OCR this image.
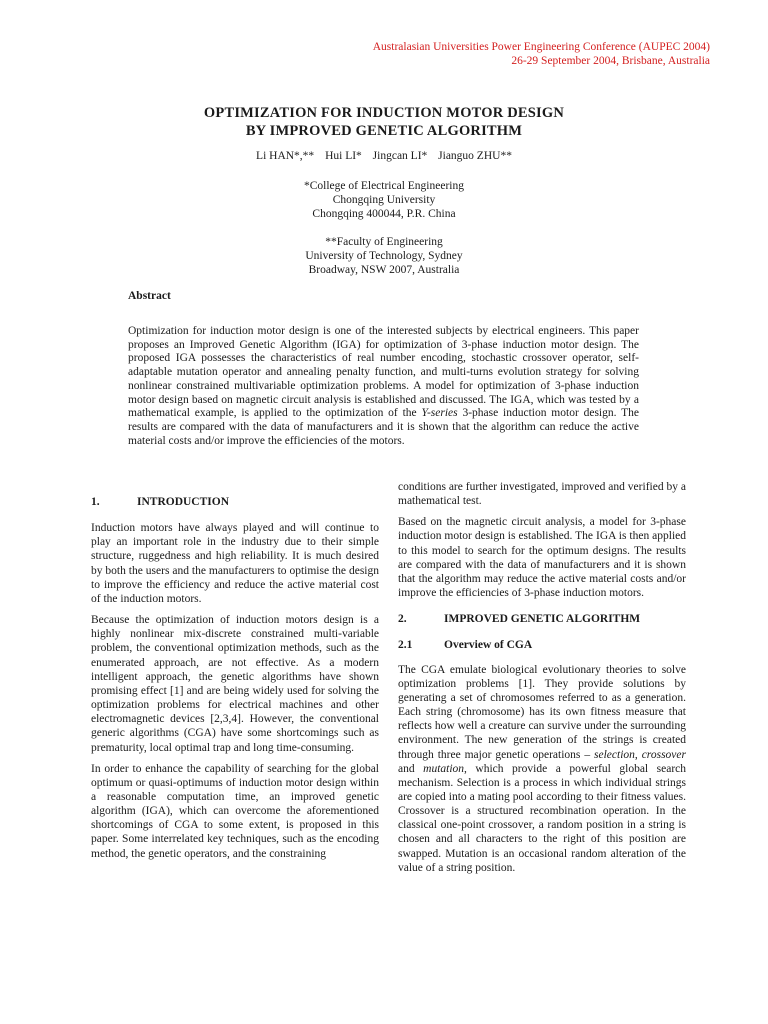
Australasian Universities Power Engineering Conference (AUPEC 2004)
26-29 September 2004, Brisbane, Australia
OPTIMIZATION FOR INDUCTION MOTOR DESIGN
BY IMPROVED GENETIC ALGORITHM
Li HAN*,** Hui LI* Jingcan LI* Jianguo ZHU**
*College of Electrical Engineering
Chongqing University
Chongqing 400044, P.R. China
**Faculty of Engineering
University of Technology, Sydney
Broadway, NSW 2007, Australia
Abstract
Optimization for induction motor design is one of the interested subjects by electrical engineers. This paper proposes an Improved Genetic Algorithm (IGA) for optimization of 3-phase induction motor design. The proposed IGA possesses the characteristics of real number encoding, stochastic crossover operator, self-adaptable mutation operator and annealing penalty function, and multi-turns evolution strategy for solving nonlinear constrained multivariable optimization problems. A model for optimization of 3-phase induction motor design based on magnetic circuit analysis is established and discussed. The IGA, which was tested by a mathematical example, is applied to the optimization of the Y-series 3-phase induction motor design. The results are compared with the data of manufacturers and it is shown that the algorithm can reduce the active material costs and/or improve the efficiencies of the motors.
1.	INTRODUCTION

Induction motors have always played and will continue to play an important role in the industry due to their simple structure, ruggedness and high reliability. It is much desired by both the users and the manufacturers to optimise the design to improve the efficiency and reduce the active material cost of the induction motors.

Because the optimization of induction motors design is a highly nonlinear mix-discrete constrained multi-variable problem, the conventional optimization methods, such as the enumerated approach, are not effective. As a modern intelligent approach, the genetic algorithms have shown promising effect [1] and are being widely used for solving the optimization problems for electrical machines and other electromagnetic devices [2,3,4]. However, the conventional generic algorithms (CGA) have some shortcomings such as prematurity, local optimal trap and long time-consuming.

In order to enhance the capability of searching for the global optimum or quasi-optimums of induction motor design within a reasonable computation time, an improved genetic algorithm (IGA), which can overcome the aforementioned shortcomings of CGA to some extent, is proposed in this paper. Some interrelated key techniques, such as the encoding method, the genetic operators, and the constraining

conditions are further investigated, improved and verified by a mathematical test.

Based on the magnetic circuit analysis, a model for 3-phase induction motor design is established. The IGA is then applied to this model to search for the optimum designs. The results are compared with the data of manufacturers and it is shown that the algorithm may reduce the active material costs and/or improve the efficiencies of 3-phase induction motors.

2.	IMPROVED GENETIC ALGORITHM
2.1	Overview of CGA

The CGA emulate biological evolutionary theories to solve optimization problems [1]. They provide solutions by generating a set of chromosomes referred to as a generation. Each string (chromosome) has its own fitness measure that reflects how well a creature can survive under the surrounding environment. The new generation of the strings is created through three major genetic operations – selection, crossover and mutation, which provide a powerful global search mechanism. Selection is a process in which individual strings are copied into a mating pool according to their fitness values. Crossover is a structured recombination operation. In the classical one-point crossover, a random position in a string is chosen and all characters to the right of this position are swapped. Mutation is an occasional random alteration of the value of a string position.
